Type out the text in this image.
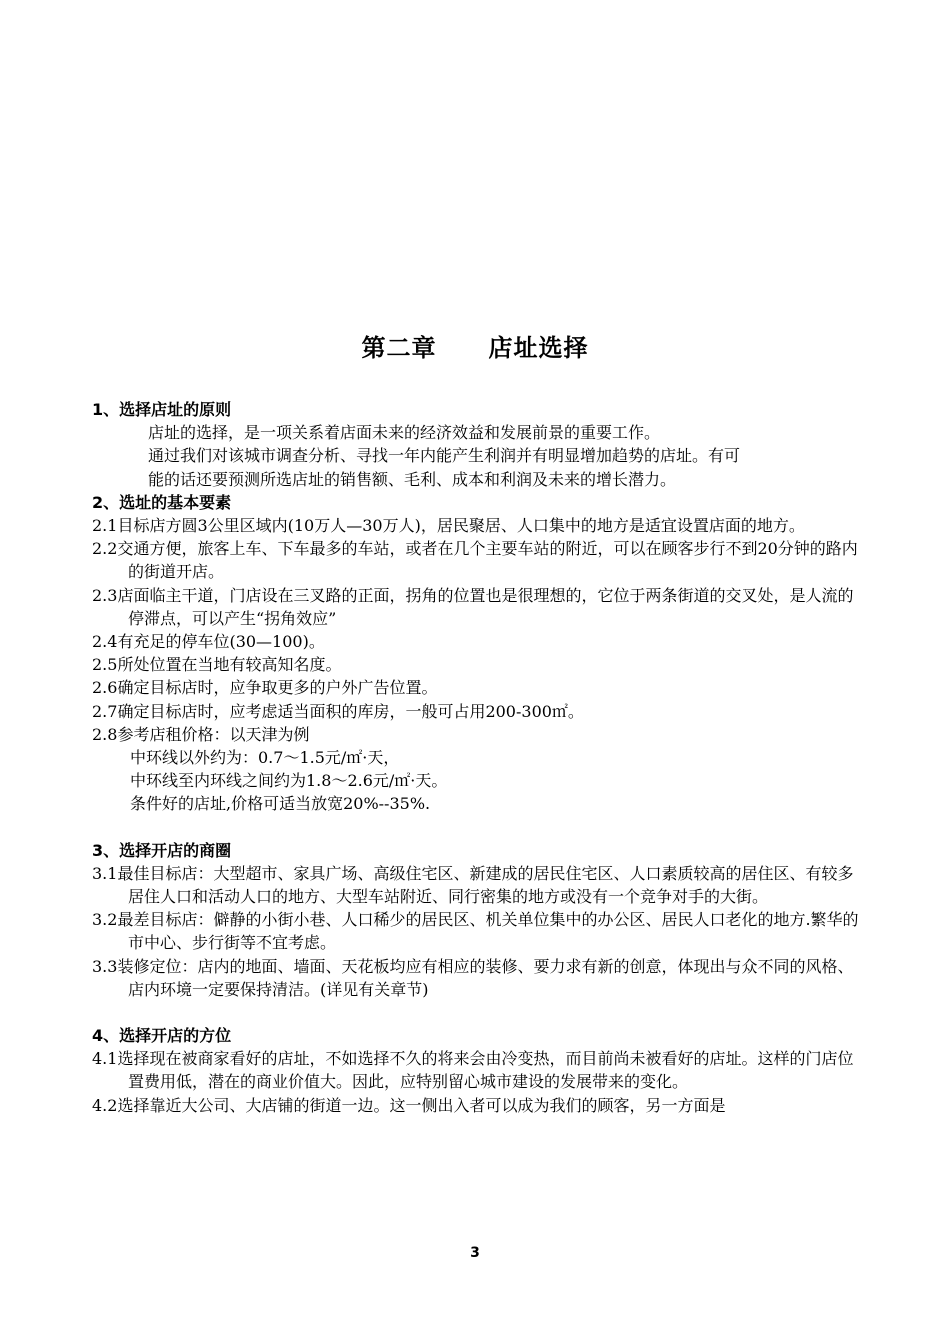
第二章 店址选择
1、选择店址的原则
店址的选择，是一项关系着店面未来的经济效益和发展前景的重要工作。
通过我们对该城市调查分析、寻找一年内能产生利润并有明显增加趋势的店址。有可
能的话还要预测所选店址的销售额、毛利、成本和利润及未来的增长潜力。
2、选址的基本要素
2.1目标店方圆3公里区域内(10万人—30万人)，居民聚居、人口集中的地方是适宜设置店面的地方。
2.2交通方便，旅客上车、下车最多的车站，或者在几个主要车站的附近，可以在顾客步行不到20分钟的路内的街道开店。
2.3店面临主干道，门店设在三叉路的正面，拐角的位置也是很理想的，它位于两条街道的交叉处，是人流的停滞点，可以产生“拐角效应”
2.4有充足的停车位(30—100)。
2.5所处位置在当地有较高知名度。
2.6确定目标店时，应争取更多的户外广告位置。
2.7确定目标店时，应考虑适当面积的库房，一般可占用200-300㎡。
2.8参考店租价格：以天津为例
中环线以外约为：0.7～1.5元/㎡·天，
中环线至内环线之间约为1.8～2.6元/㎡·天。
条件好的店址,价格可适当放宽20%--35%.
3、选择开店的商圈
3.1最佳目标店：大型超市、家具广场、高级住宅区、新建成的居民住宅区、人口素质较高的居住区、有较多居住人口和活动人口的地方、大型车站附近、同行密集的地方或没有一个竞争对手的大街。
3.2最差目标店：僻静的小街小巷、人口稀少的居民区、机关单位集中的办公区、居民人口老化的地方.繁华的市中心、步行街等不宜考虑。
3.3装修定位：店内的地面、墙面、天花板均应有相应的装修、要力求有新的创意，体现出与众不同的风格、店内环境一定要保持清洁。(详见有关章节)
4、选择开店的方位
4.1选择现在被商家看好的店址，不如选择不久的将来会由冷变热，而目前尚未被看好的店址。这样的门店位置费用低，潜在的商业价值大。因此，应特别留心城市建设的发展带来的变化。
4.2选择靠近大公司、大店铺的街道一边。这一侧出入者可以成为我们的顾客，另一方面是
3
